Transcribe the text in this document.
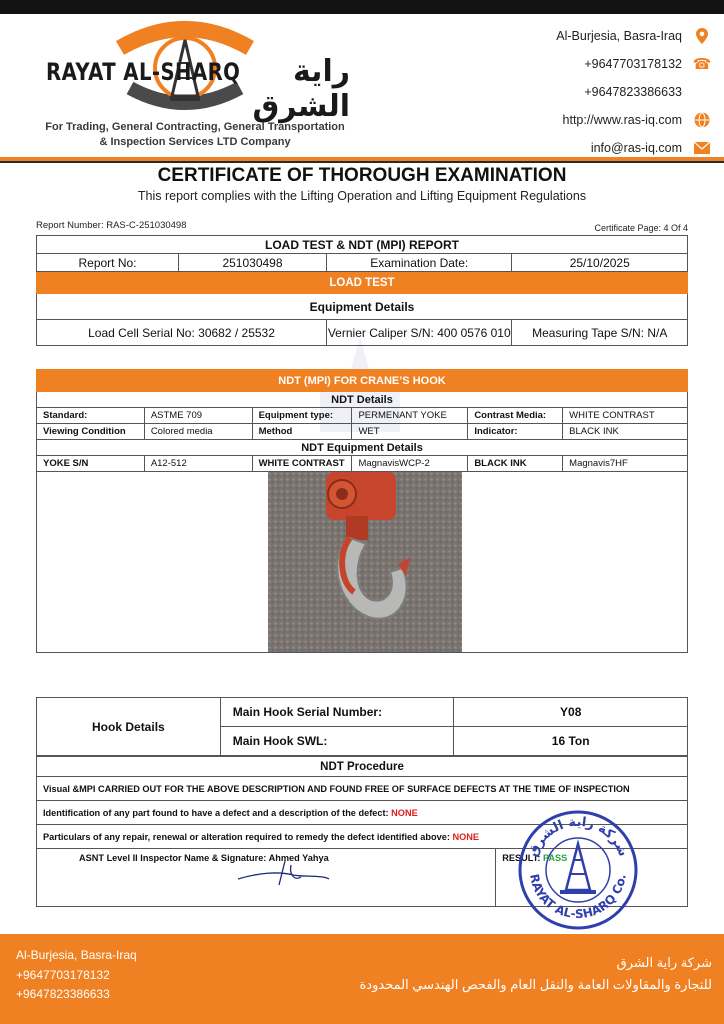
RAYAT AL-SHARQ	راية الشرق
For Trading, General Contracting, General Transportation
& Inspection Services LTD Company
Al-Burjesia, Basra-Iraq
+9647703178132 ☎
+9647823386633
http://www.ras-iq.com
info@ras-iq.com
CERTIFICATE OF THOROUGH EXAMINATION
This report complies with the Lifting Operation and Lifting Equipment Regulations
Report Number: RAS-C-251030498	Certificate Page: 4 Of 4
LOAD TEST & NDT (MPI) REPORT			
Report No:	251030498	Examination Date:	25/10/2025
LOAD TEST			
Equipment Details			
Load Cell Serial No: 30682 / 25532		Vernier Caliper S/N: 400 0576 010	Measuring Tape S/N: N/A
NDT (MPI) FOR CRANE’S HOOK					
NDT Details					
Standard:	ASTME 709	Equipment type:	PERMENANT YOKE	Contrast Media:	WHITE CONTRAST
Viewing Condition	Colored media	Method	WET	Indicator:	BLACK INK
NDT Equipment Details					
YOKE S/N	A12-512	WHITE CONTRAST	MagnavisWCP-2	BLACK INK	Magnavis7HF

Hook Details	Main Hook Serial Number:	Y08
	Main Hook SWL:	16 Ton
NDT Procedure
Visual &MPI CARRIED OUT FOR THE ABOVE DESCRIPTION AND FOUND FREE OF SURFACE DEFECTS AT THE TIME OF INSPECTION
Identification of any part found to have a defect and a description of the defect: NONE
Particulars of any repair, renewal or alteration required to remedy the defect identified above: NONE
ASNT Level II Inspector Name & Signature: Ahmed Yahya	RESULT: PASS
شركة راية الشرق
RAYAT AL-SHARQ Co.
Al-Burjesia, Basra-Iraq
+9647703178132
+9647823386633
شركة راية الشرق
للتجارة والمقاولات العامة والنقل العام والفحص الهندسي المحدودة
